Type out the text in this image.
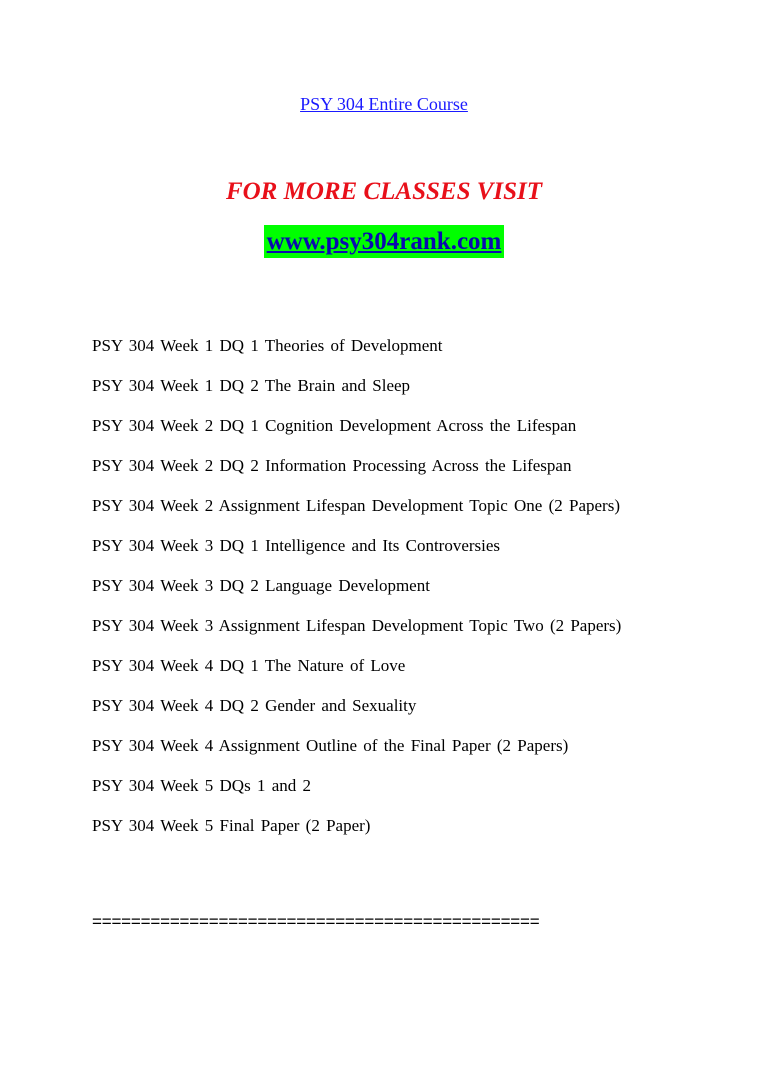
PSY 304 Entire Course
FOR MORE CLASSES VISIT
www.psy304rank.com
PSY 304 Week 1 DQ 1 Theories of Development
PSY 304 Week 1 DQ 2 The Brain and Sleep
PSY 304 Week 2 DQ 1 Cognition Development Across the Lifespan
PSY 304 Week 2 DQ 2 Information Processing Across the Lifespan
PSY 304 Week 2 Assignment Lifespan Development Topic One (2 Papers)
PSY 304 Week 3 DQ 1 Intelligence and Its Controversies
PSY 304 Week 3 DQ 2 Language Development
PSY 304 Week 3 Assignment Lifespan Development Topic Two (2 Papers)
PSY 304 Week 4 DQ 1 The Nature of Love
PSY 304 Week 4 DQ 2 Gender and Sexuality
PSY 304 Week 4 Assignment Outline of the Final Paper (2 Papers)
PSY 304 Week 5 DQs 1 and 2
PSY 304 Week 5 Final Paper (2 Paper)
==============================================
